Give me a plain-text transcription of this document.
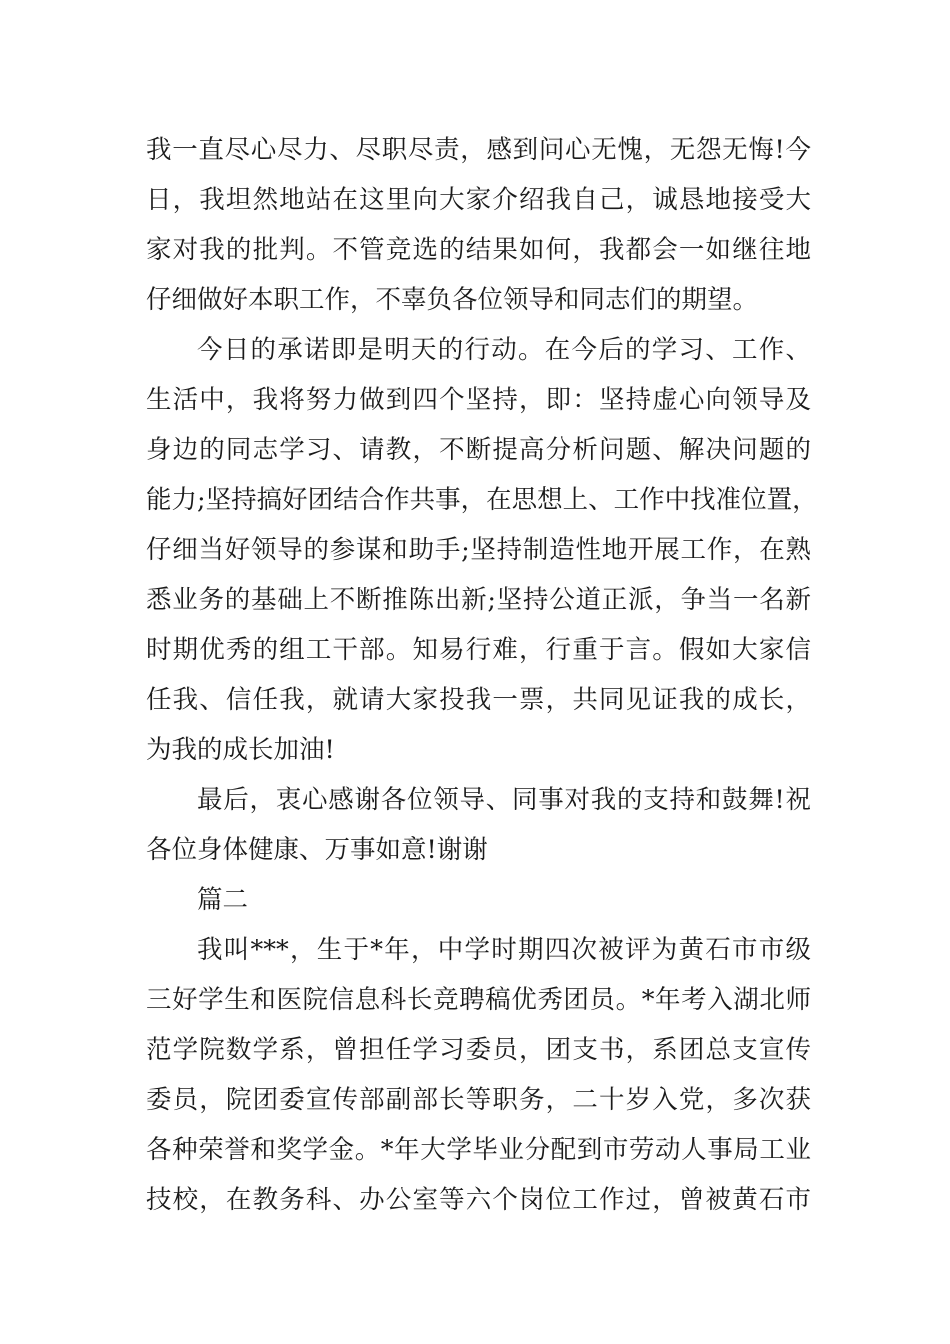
我一直尽心尽力、尽职尽责，感到问心无愧，无怨无悔!今
日，我坦然地站在这里向大家介绍我自己，诚恳地接受大
家对我的批判。不管竞选的结果如何，我都会一如继往地
仔细做好本职工作，不辜负各位领导和同志们的期望。
今日的承诺即是明天的行动。在今后的学习、工作、
生活中，我将努力做到四个坚持，即：坚持虚心向领导及
身边的同志学习、请教，不断提高分析问题、解决问题的
能力;坚持搞好团结合作共事，在思想上、工作中找准位置，
仔细当好领导的参谋和助手;坚持制造性地开展工作，在熟
悉业务的基础上不断推陈出新;坚持公道正派，争当一名新
时期优秀的组工干部。知易行难，行重于言。假如大家信
任我、信任我，就请大家投我一票，共同见证我的成长，
为我的成长加油!
最后，衷心感谢各位领导、同事对我的支持和鼓舞!祝
各位身体健康、万事如意!谢谢
篇二
我叫***，生于*年，中学时期四次被评为黄石市市级
三好学生和医院信息科长竞聘稿优秀团员。*年考入湖北师
范学院数学系，曾担任学习委员，团支书，系团总支宣传
委员，院团委宣传部副部长等职务，二十岁入党，多次获
各种荣誉和奖学金。*年大学毕业分配到市劳动人事局工业
技校，在教务科、办公室等六个岗位工作过，曾被黄石市
